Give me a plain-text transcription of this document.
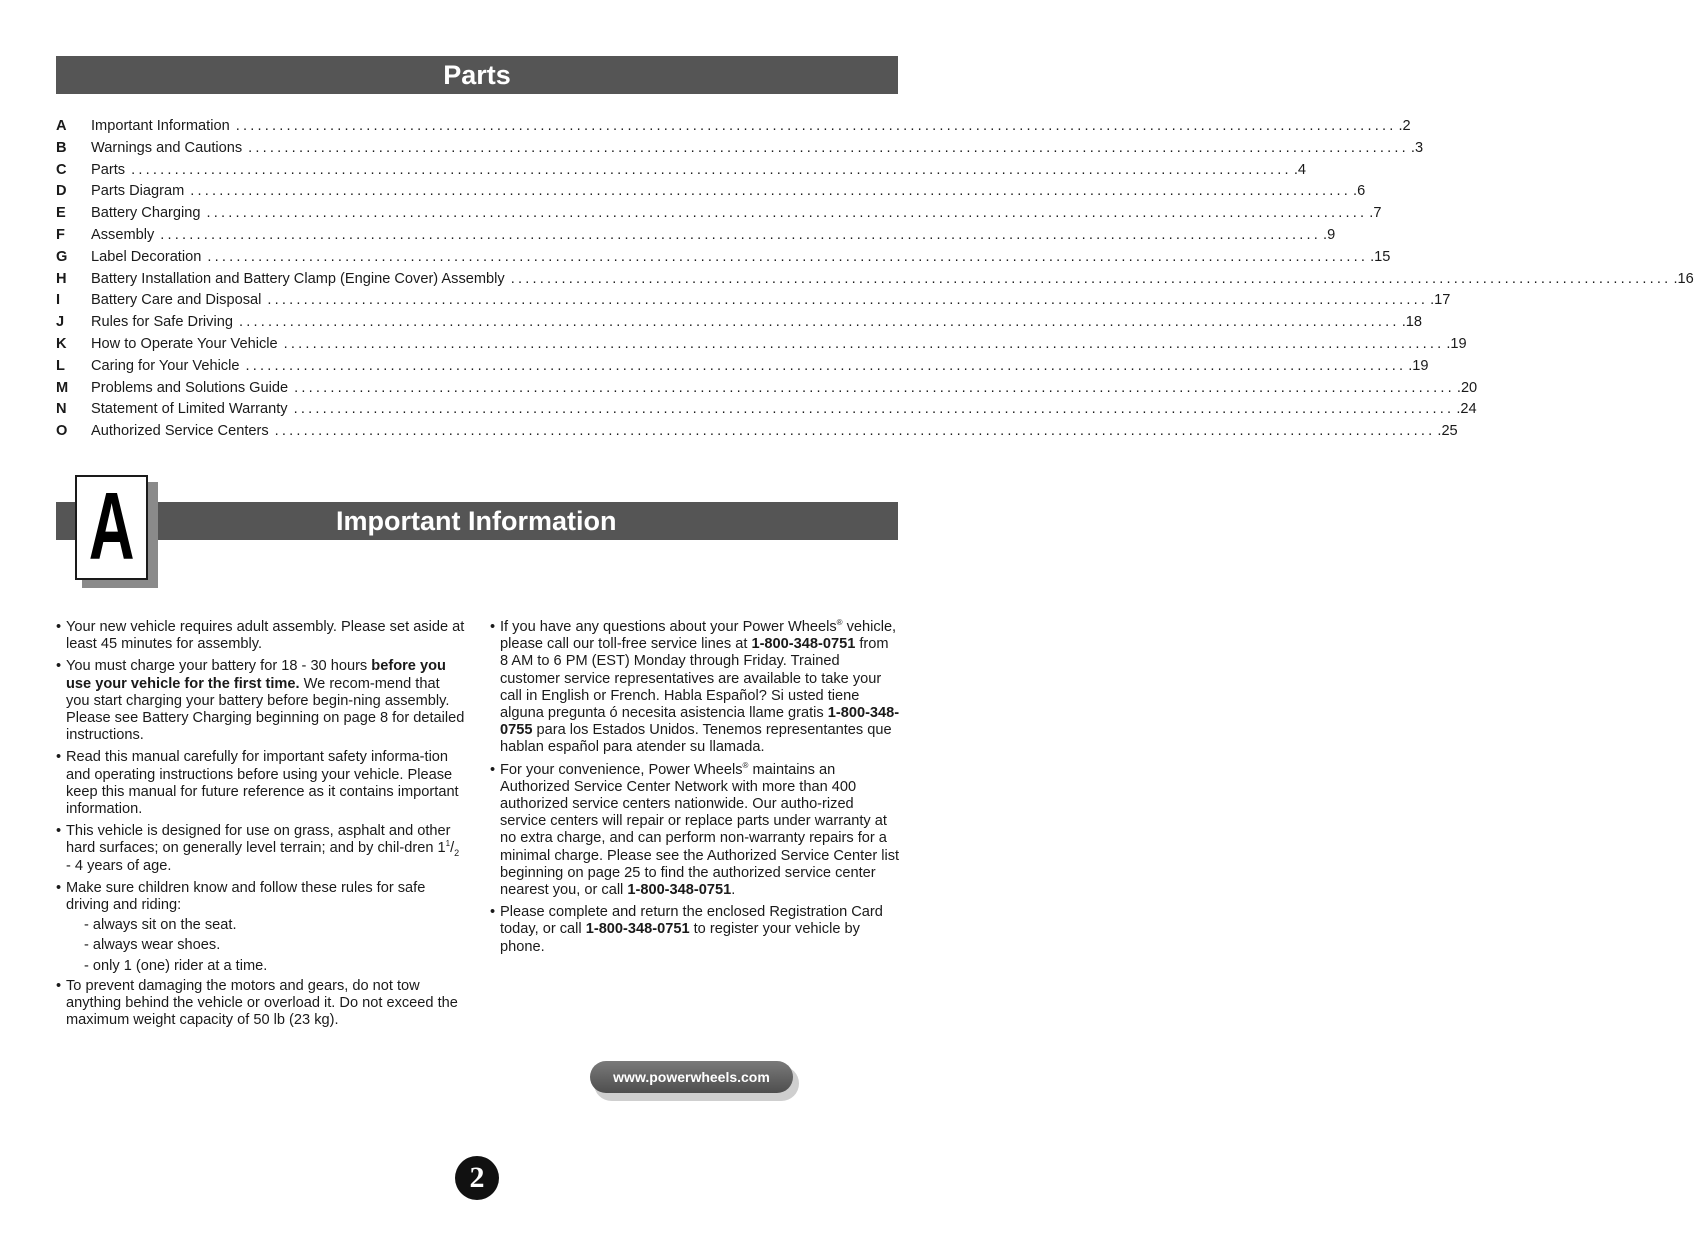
Parts
A	Important Information ................................................................................................................................................................ .2
B	Warnings and Cautions ................................................................................................................................................................ .3
C	Parts ................................................................................................................................................................ .4
D	Parts Diagram ................................................................................................................................................................ .6
E	Battery Charging ................................................................................................................................................................ .7
F	Assembly ................................................................................................................................................................ .9
G	Label Decoration ................................................................................................................................................................ .15
H	Battery Installation and Battery Clamp (Engine Cover) Assembly ................................................................................................................................................................ .16
I	Battery Care and Disposal ................................................................................................................................................................ .17
J	Rules for Safe Driving ................................................................................................................................................................ .18
K	How to Operate Your Vehicle ................................................................................................................................................................ .19
L	Caring for Your Vehicle ................................................................................................................................................................ .19
M	Problems and Solutions Guide ................................................................................................................................................................ .20
N	Statement of Limited Warranty ................................................................................................................................................................ .24
O	Authorized Service Centers ................................................................................................................................................................ .25
Important Information
A

• Your new vehicle requires adult assembly. Please set aside at least 45 minutes for assembly.

• You must charge your battery for 18 - 30 hours before you use your vehicle for the first time. We recom-mend that you start charging your battery before begin-ning assembly. Please see Battery Charging beginning on page 8 for detailed instructions.

• Read this manual carefully for important safety informa-tion and operating instructions before using your vehicle. Please keep this manual for future reference as it contains important information.

• This vehicle is designed for use on grass, asphalt and other hard surfaces; on generally level terrain; and by chil-dren $1^1/_2 - 4$ years of age.

• Make sure children know and follow these rules for safe driving and riding:

- always sit on the seat.

- always wear shoes.

- only 1 (one) rider at a time.

• To prevent damaging the motors and gears, do not tow anything behind the vehicle or overload it. Do not exceed the maximum weight capacity of 50 lb (23 kg).

• If you have any questions about your Power Wheels® vehicle, please call our toll-free service lines at 1-800-348-0751 from 8 AM to 6 PM (EST) Monday through Friday. Trained customer service representatives are available to take your call in English or French. Habla Español? Si usted tiene alguna pregunta ó necesita asistencia llame gratis 1-800-348-0755 para los Estados Unidos. Tenemos representantes que hablan español para atender su llamada.

• For your convenience, Power Wheels® maintains an Authorized Service Center Network with more than 400 authorized service centers nationwide. Our autho-rized service centers will repair or replace parts under warranty at no extra charge, and can perform non-warranty repairs for a minimal charge. Please see the Authorized Service Center list beginning on page 25 to find the authorized service center nearest you, or call 1-800-348-0751.

• Please complete and return the enclosed Registration Card today, or call 1-800-348-0751 to register your vehicle by phone.

www.powerwheels.com
2
